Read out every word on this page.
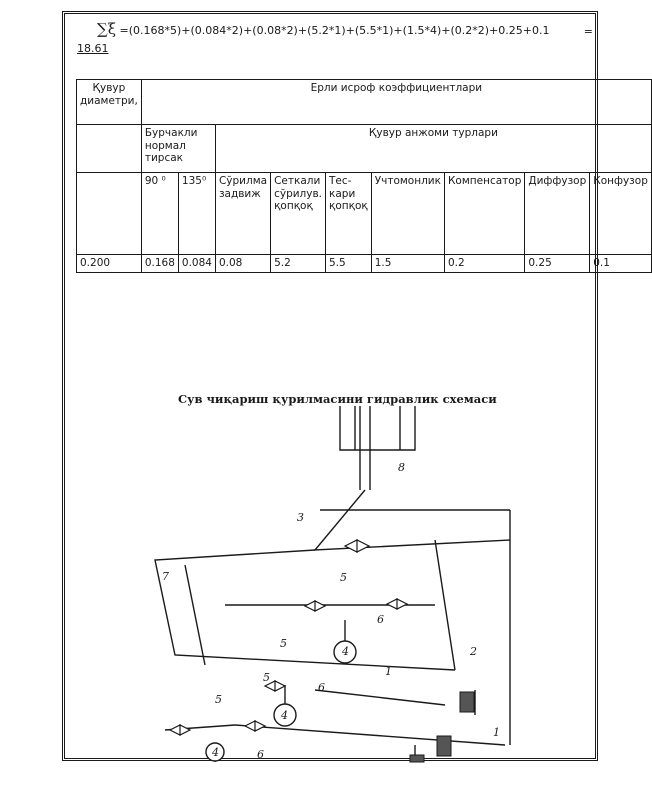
∑ξ =(0.168*5)+(0.084*2)+(0.08*2)+(5.2*1)+(5.5*1)+(1.5*4)+(0.2*2)+0.25+0.1	=
18.61
Қувур диаметри,	Ерли исроф коэффициентлари								
	Бурчакли нормал тирсак		Қувур анжоми турлари						
	90 ⁰	135⁰	Сўрилма задвиж	Сеткали сўрилув. қопқоқ	Тес-кари қопқоқ	Учтомонлик	Компенсатор	Диффузор	Конфузор
0.200	0.168	0.084	0.08	5.2	5.5	1.5	0.2	0.25	0.1
Сув чиқариш қурилмасини гидравлик схемаси
8
3
5
7
6
5
4
1
5
6
4
5
6
4
2
1
